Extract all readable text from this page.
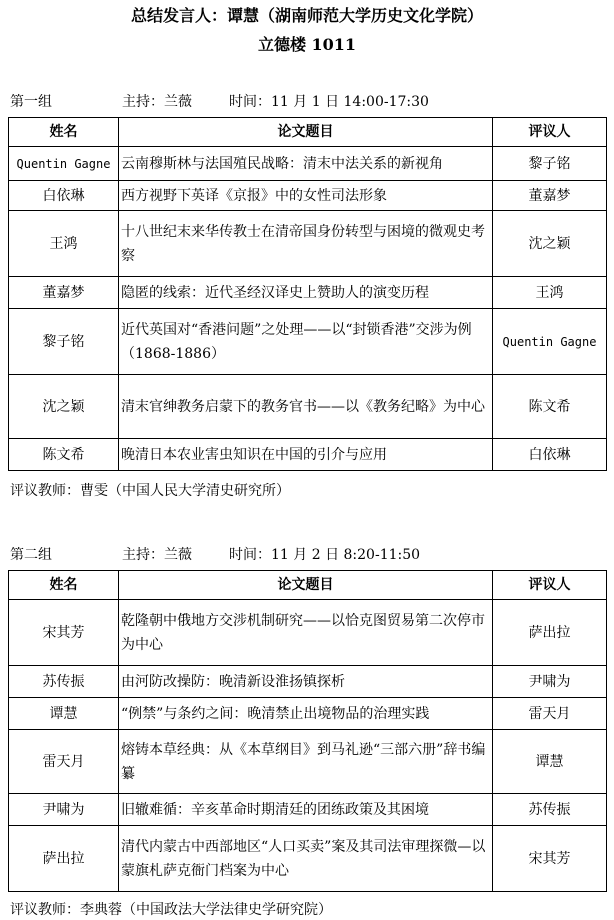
总结发言人：谭慧（湖南师范大学历史文化学院）
立德楼 1011
第一组	主持：兰薇	时间：11 月 1 日 14:00-17:30
姓名	论文题目	评议人
Quentin Gagne	云南穆斯林与法国殖民战略：清末中法关系的新视角	黎子铭
白依琳	西方视野下英译《京报》中的女性司法形象	董嘉梦
王鸿	十八世纪末来华传教士在清帝国身份转型与困境的微观史考察	沈之颖
董嘉梦	隐匿的线索：近代圣经汉译史上赞助人的演变历程	王鸿
黎子铭	近代英国对“香港问题”之处理——以“封锁香港”交涉为例（1868-1886）	Quentin Gagne
沈之颖	清末官绅教务启蒙下的教务官书——以《教务纪略》为中心	陈文希
陈文希	晚清日本农业害虫知识在中国的引介与应用	白依琳
评议教师：曹雯（中国人民大学清史研究所）
第二组	主持：兰薇	时间：11 月 2 日 8:20-11:50
姓名	论文题目	评议人
宋其芳	乾隆朝中俄地方交涉机制研究——以恰克图贸易第二次停市为中心	萨出拉
苏传振	由河防改操防：晚清新设淮扬镇探析	尹啸为
谭慧	“例禁”与条约之间：晚清禁止出境物品的治理实践	雷天月
雷天月	熔铸本草经典：从《本草纲目》到马礼逊“三部六册”辞书编纂	谭慧
尹啸为	旧辙难循：辛亥革命时期清廷的团练政策及其困境	苏传振
萨出拉	清代内蒙古中西部地区“人口买卖”案及其司法审理探微—以蒙旗札萨克衙门档案为中心	宋其芳
评议教师：李典蓉（中国政法大学法律史学研究院）
